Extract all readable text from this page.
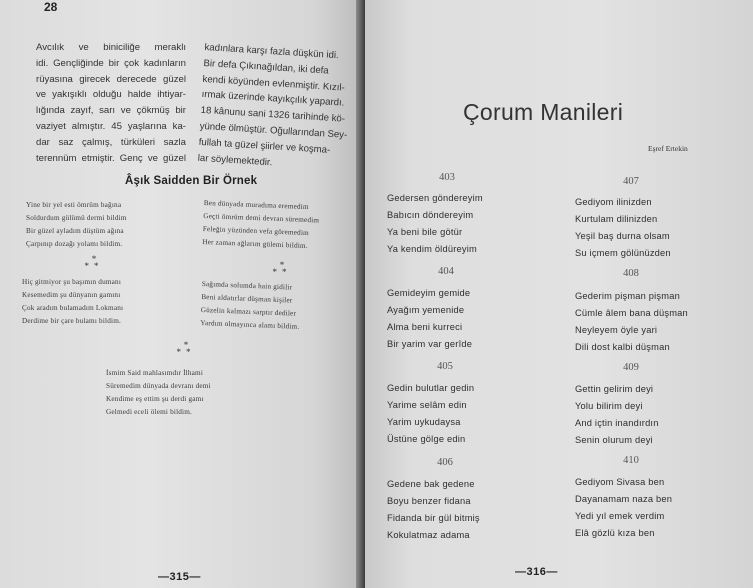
28
Avcılık ve biniciliğe meraklı
idi. Gençliğinde bir çok kadınların
rüyasına girecek derecede güzel
ve yakışıklı olduğu halde ihtiyar-
lığında zayıf, sarı ve çökmüş bir
vaziyet almıştır. 45 yaşlarına ka-
dar saz çalmış, türküleri sazla
terennüm etmiştir. Genç ve güzel
kadınlara karşı fazla düşkün idi.
Bir defa Çıkınağıldan, iki defa
kendi köyünden evlenmiştir. Kızıl-
ırmak üzerinde kayıkçılık yapardı.
18 kânunu sani 1326 tarihinde kö-
yünde ölmüştür. Oğullarından Sey-
fullah ta güzel şiirler ve koşma-
lar söylemektedir.
Âşık Saidden Bir Örnek
Yine bir yel esti ömrüm bağına
Soldurdum gülümü dermi bildim
Bir güzel ayladım düştüm ağına
Çarpınıp dozağı yolamı bildim.
Ben dünyada muradıma eremedim
Geçti ömrüm demi devran süremedim
Feleğin yüzünden vefa göremedim
Her zaman ağlarım gülemi bildim.
*
**	*
**
Hiç gitmiyor şu başımın dumanı
Kesemedim şu dünyanın gamını
Çok aradım bulamadım Lokmanı
Derdime bir çare bulamı bildim.
Sağımda solumda hain gidilir
Beni aldatırlar düşman kişiler
Güzelin kalmazı sarptır dediler
Yardım olmayınca alamı bildim.
*
**
İsmim Said mahlasımdır İlhami
Süremedim dünyada devranı demi
Kendime eş ettim şu derdi gamı
Gelmedi eceli ölemi bildim.
—315—
Çorum Manileri
Eşref Ertekin
403
Gedersen göndereyim
Babıcın döndereyim
Ya beni bile götür
Ya kendim öldüreyim
404
Gemideyim gemide
Ayağım yemenide
Alma beni kurreci
Bir yarim var gerîde
405
Gedin bulutlar gedin
Yarime selâm edin
Yarim uykudaysa
Üstüne gölge edin
406
Gedene bak gedene
Boyu benzer fidana
Fidanda bir gül bitmiş
Kokulatmaz adama
407
Gediyom ilinizden
Kurtulam dilinizden
Yeşil baş durna olsam
Su içmem gölünüzden
408
Gederim pişman pişman
Cümle âlem bana düşman
Neyleyem öyle yari
Dili dost kalbi düşman
409
Gettin gelirim deyi
Yolu bilirim deyi
And içtin inandırdın
Senin olurum deyi
410
Gediyom Sivasa ben
Dayanamam naza ben
Yedi yıl emek verdim
Elâ gözlü kıza ben
—316—
